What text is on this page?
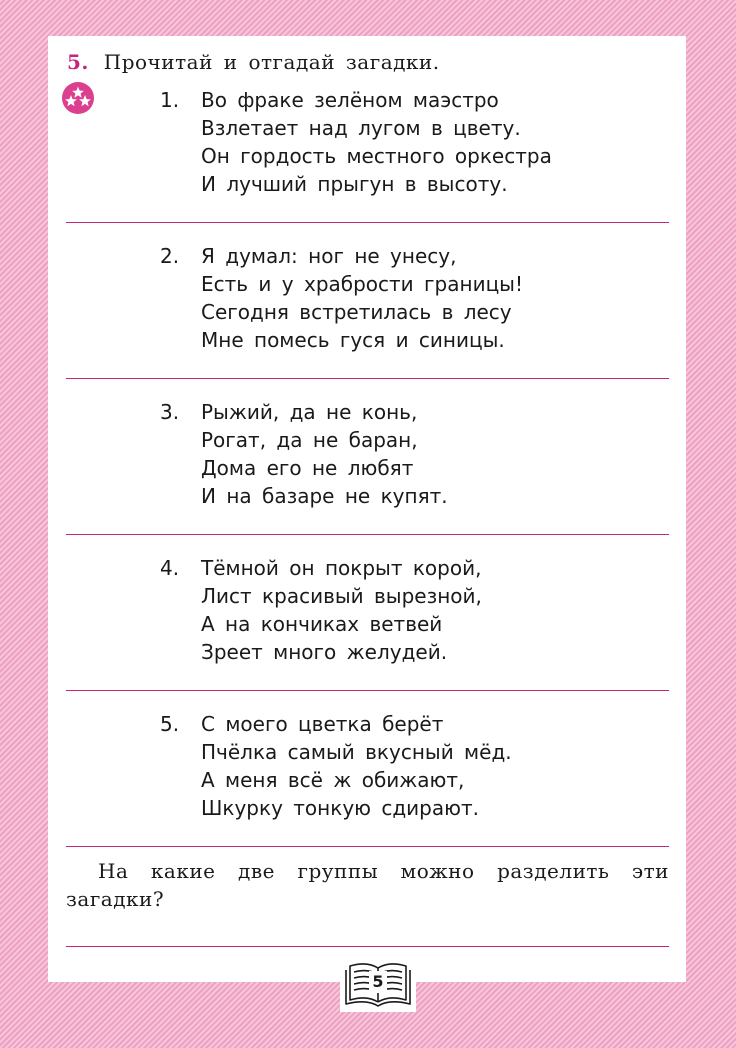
5. Прочитай и отгадай загадки.
1.	Во фраке зелёном маэстро
Взлетает над лугом в цвету.
Он гордость местного оркестра
И лучший прыгун в высоту.
2.	Я думал: ног не унесу,
Есть и у храбрости границы!
Сегодня встретилась в лесу
Мне помесь гуся и синицы.
3.	Рыжий, да не конь,
Рогат, да не баран,
Дома его не любят
И на базаре не купят.
4.	Тёмной он покрыт корой,
Лист красивый вырезной,
А на кончиках ветвей
Зреет много желудей.
5.	С моего цветка берёт
Пчёлка самый вкусный мёд.
А меня всё ж обижают,
Шкурку тонкую сдирают.
На какие две группы можно разделить эти загадки?
5
